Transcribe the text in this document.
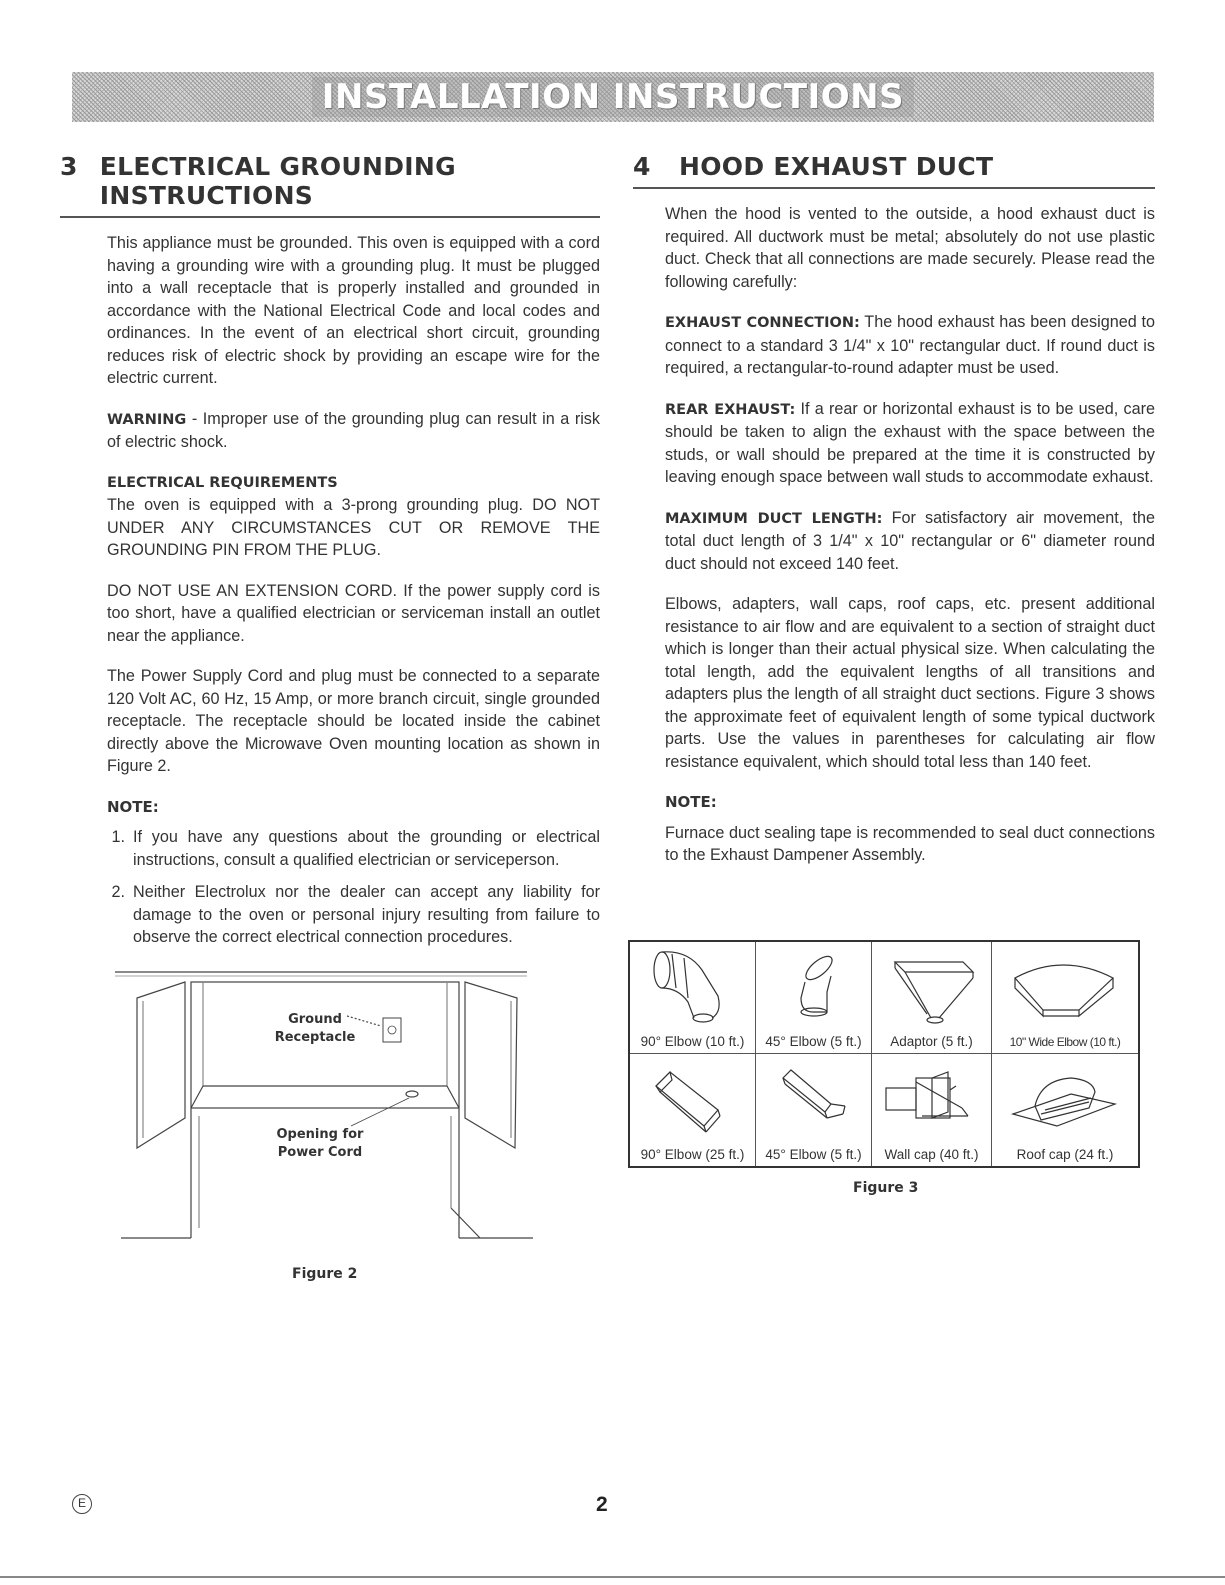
INSTALLATION INSTRUCTIONS
3 ELECTRICAL GROUNDING INSTRUCTIONS

This appliance must be grounded. This oven is equipped with a cord having a grounding wire with a grounding plug. It must be plugged into a wall receptacle that is properly installed and grounded in accordance with the National Electrical Code and local codes and ordinances. In the event of an electrical short circuit, grounding reduces risk of electric shock by providing an escape wire for the electric current.

WARNING - Improper use of the grounding plug can result in a risk of electric shock.

ELECTRICAL REQUIREMENTS

The oven is equipped with a 3-prong grounding plug. DO NOT UNDER ANY CIRCUMSTANCES CUT OR REMOVE THE GROUNDING PIN FROM THE PLUG.

DO NOT USE AN EXTENSION CORD. If the power supply cord is too short, have a qualified electrician or serviceman install an outlet near the appliance.

The Power Supply Cord and plug must be connected to a separate 120 Volt AC, 60 Hz, 15 Amp, or more branch circuit, single grounded receptacle. The receptacle should be located inside the cabinet directly above the Microwave Oven mounting location as shown in Figure 2.

NOTE:
1. If you have any questions about the grounding or electrical instructions, consult a qualified electrician or serviceperson.
2. Neither Electrolux nor the dealer can accept any liability for damage to the oven or personal injury resulting from failure to observe the correct electrical connection procedures.
4	HOOD EXHAUST DUCT

When the hood is vented to the outside, a hood exhaust duct is required. All ductwork must be metal; absolutely do not use plastic duct. Check that all connections are made securely. Please read the following carefully:

EXHAUST CONNECTION: The hood exhaust has been designed to connect to a standard 3 1/4" x 10" rectangular duct. If round duct is required, a rectangular-to-round adapter must be used.

REAR EXHAUST: If a rear or horizontal exhaust is to be used, care should be taken to align the exhaust with the space between the studs, or wall should be prepared at the time it is constructed by leaving enough space between wall studs to accommodate exhaust.

MAXIMUM DUCT LENGTH: For satisfactory air movement, the total duct length of 3 1/4" x 10" rectangular or 6" diameter round duct should not exceed 140 feet.

Elbows, adapters, wall caps, roof caps, etc. present additional resistance to air flow and are equivalent to a section of straight duct which is longer than their actual physical size. When calculating the total length, add the equivalent lengths of all transitions and adapters plus the length of all straight duct sections. Figure 3 shows the approximate feet of equivalent length of some typical ductwork parts. Use the values in parentheses for calculating air flow resistance equivalent, which should total less than 140 feet.

NOTE:

Furnace duct sealing tape is recommended to seal duct connections to the Exhaust Dampener Assembly.

Ground
Receptacle
Opening for
Power Cord
Figure 2
90° Elbow (10 ft.)	45° Elbow (5 ft.)	Adaptor (5 ft.)	10" Wide Elbow (10 ft.)
90° Elbow (25 ft.)	45° Elbow (5 ft.)	Wall cap (40 ft.)	Roof cap (24 ft.)
Figure 3
E	2
